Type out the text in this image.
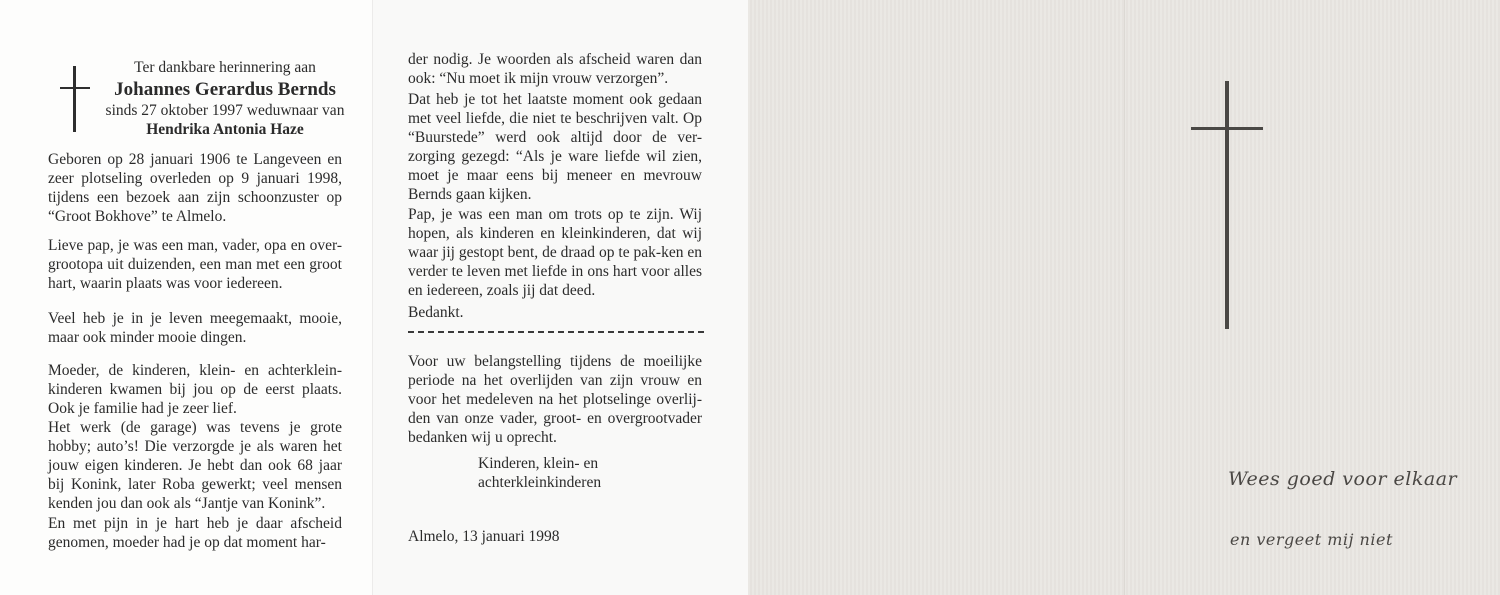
Ter dankbare herinnering aan
Johannes Gerardus Bernds
sinds 27 oktober 1997 weduwnaar van
Hendrika Antonia Haze

Geboren op 28 januari 1906 te Langeveen en zeer plotseling overleden op 9 januari 1998, tijdens een bezoek aan zijn schoonzuster op “Groot Bokhove” te Almelo.

Lieve pap, je was een man, vader, opa en over-grootopa uit duizenden, een man met een groot hart, waarin plaats was voor iedereen.

Veel heb je in je leven meegemaakt, mooie, maar ook minder mooie dingen.

Moeder, de kinderen, klein- en achterklein-kinderen kwamen bij jou op de eerst plaats. Ook je familie had je zeer lief.

Het werk (de garage) was tevens je grote hobby; auto’s! Die verzorgde je als waren het jouw eigen kinderen. Je hebt dan ook 68 jaar bij Konink, later Roba gewerkt; veel mensen kenden jou dan ook als “Jantje van Konink”.

En met pijn in je hart heb je daar afscheid genomen, moeder had je op dat moment har-

der nodig. Je woorden als afscheid waren dan ook: “Nu moet ik mijn vrouw verzorgen”.

Dat heb je tot het laatste moment ook gedaan met veel liefde, die niet te beschrijven valt. Op “Buurstede” werd ook altijd door de ver-zorging gezegd: “Als je ware liefde wil zien, moet je maar eens bij meneer en mevrouw Bernds gaan kijken.

Pap, je was een man om trots op te zijn. Wij hopen, als kinderen en kleinkinderen, dat wij waar jij gestopt bent, de draad op te pak-ken en verder te leven met liefde in ons hart voor alles en iedereen, zoals jij dat deed.

Bedankt.

Voor uw belangstelling tijdens de moeilijke periode na het overlijden van zijn vrouw en voor het medeleven na het plotselinge overlij-den van onze vader, groot- en overgrootvader bedanken wij u oprecht.

Kinderen, klein- en
achterkleinkinderen
Almelo, 13 januari 1998
Wees goed voor elkaar
en vergeet mij niet
